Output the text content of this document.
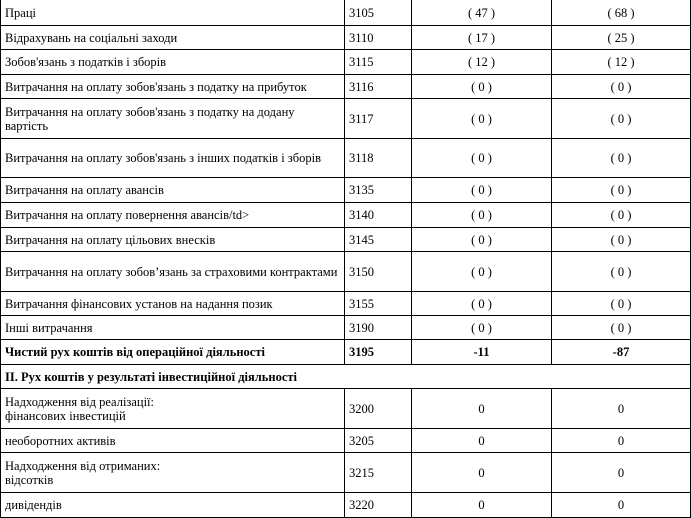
Праці	3105	( 47 )	( 68 )
Відрахувань на соціальні заходи	3110	( 17 )	( 25 )
Зобов'язань з податків і зборів	3115	( 12 )	( 12 )
Витрачання на оплату зобов'язань з податку на прибуток	3116	( 0 )	( 0 )
Витрачання на оплату зобов'язань з податку на додану вартість	3117	( 0 )	( 0 )
Витрачання на оплату зобов'язань з інших податків і зборів	3118	( 0 )	( 0 )
Витрачання на оплату авансів	3135	( 0 )	( 0 )
Витрачання на оплату повернення авансів/td>	3140	( 0 )	( 0 )
Витрачання на оплату цільових внесків	3145	( 0 )	( 0 )
Витрачання на оплату зобов’язань за страховими контрактами	3150	( 0 )	( 0 )
Витрачання фінансових установ на надання позик	3155	( 0 )	( 0 )
Інші витрачання	3190	( 0 )	( 0 )
Чистий рух коштів від операційної діяльності	3195	-11	-87
II. Рух коштів у результаті інвестиційної діяльності			
Надходження від реалізації:
фінансових інвестицій	3200	0	0
необоротних активів	3205	0	0
Надходження від отриманих:
відсотків	3215	0	0
дивідендів	3220	0	0
